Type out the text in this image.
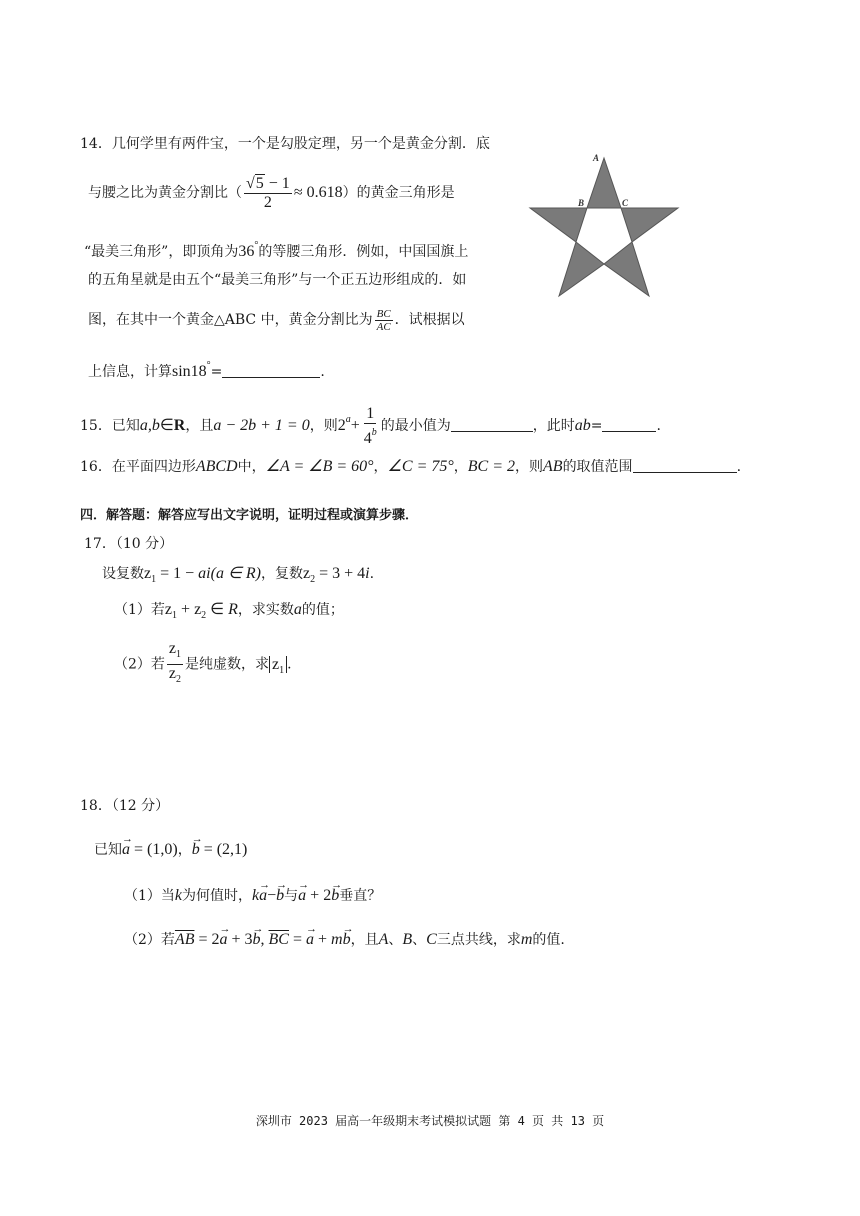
14．几何学里有两件宝，一个是勾股定理，另一个是黄金分割．底
与腰之比为黄金分割比（ $\frac{√5 - 1}{2} \approx 0.618$）的黄金三角形是
“最美三角形”，即顶角为36°的等腰三角形．例如，中国国旗上
的五角星就是由五个“最美三角形”与一个正五边形组成的．如
图，在其中一个黄金△ABC 中，黄金分割比为 $\frac{BC}{AC}$ ．试根据以
上信息，计算sin18°=	.
A
B	C
15．已知a,b∈R，且a − 2b + 1 = 0，则$2^a+ \frac{1}{4^b}$ 的最小值为	，此时ab=	.
16．在平面四边形ABCD中，∠A = ∠B = 60°，∠C = 75°，BC = 2，则AB的取值范围	.
四．解答题：解答应写出文字说明，证明过程或演算步骤．
17．（10 分）
设复数$z_1 = 1 - ai(a$ ∈ R)，复数$z_2 = 3 + 4i$.
（1）若$z_1 + z_2$ ∈ R，求实数a的值；
（2）若 $\frac{z_1}{z_2}$ 是纯虚数，求 $z_1$ .
18．（12 分）
已知→ a = (1,0)，→ b = (2,1)
（1）当k为何值时，k→ a−→ b与→ a + 2→ b垂直？
（2）若$\overline{AB} = 2\to a + 3\to b$, $\overline{BC}$ = → a + m→ b，且A、B、C三点共线，求m的值.
深圳市 2023 届高一年级期末考试模拟试题 第 4 页 共 13 页
